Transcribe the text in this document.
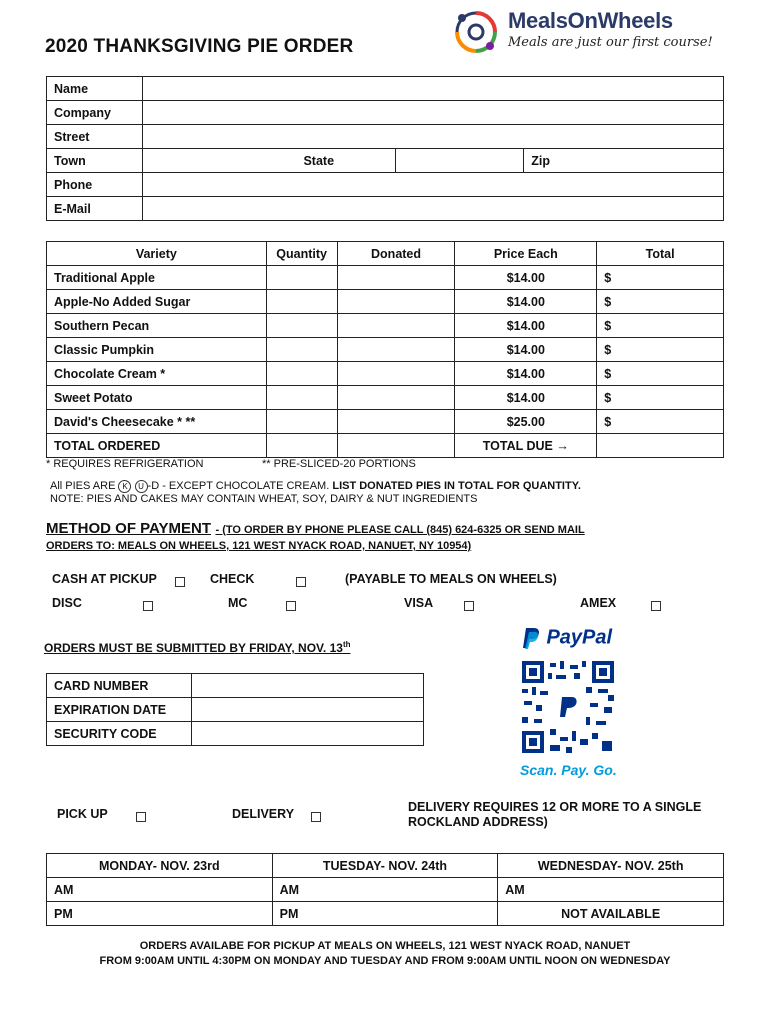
2020 THANKSGIVING PIE ORDER
MealsOnWheels
Meals are just our first course!
Name			
Company			
Street			
Town		State	Zip
Phone			
E-Mail			
Variety	Quantity	Donated	Price Each	Total
Traditional Apple			$14.00	$
Apple-No Added Sugar			$14.00	$
Southern Pecan			$14.00	$
Classic Pumpkin			$14.00	$
Chocolate Cream *			$14.00	$
Sweet Potato			$14.00	$
David's Cheesecake * **			$25.00	$
TOTAL ORDERED			TOTAL DUE →	
* REQUIRES REFRIGERATION	** PRE-SLICED-20 PORTIONS
All PIES ARE K U -D - EXCEPT CHOCOLATE CREAM. LIST DONATED PIES IN TOTAL FOR QUANTITY.
NOTE: PIES AND CAKES MAY CONTAIN WHEAT, SOY, DAIRY & NUT INGREDIENTS
METHOD OF PAYMENT - (TO ORDER BY PHONE PLEASE CALL (845) 624-6325 OR SEND MAIL
ORDERS TO: MEALS ON WHEELS, 121 WEST NYACK ROAD, NANUET, NY 10954)
CASH AT PICKUP	CHECK	(PAYABLE TO MEALS ON WHEELS)
DISC	MC	VISA	AMEX
ORDERS MUST BE SUBMITTED BY FRIDAY, NOV. 13th	PayPal
Scan. Pay. Go.
CARD NUMBER	
EXPIRATION DATE	
SECURITY CODE	
PICK UP	DELIVERY	DELIVERY REQUIRES 12 OR MORE TO A SINGLE
ROCKLAND ADDRESS)
MONDAY- NOV. 23rd	TUESDAY- NOV. 24th	WEDNESDAY- NOV. 25th
AM	AM	AM
PM	PM	NOT AVAILABLE
ORDERS AVAILABE FOR PICKUP AT MEALS ON WHEELS, 121 WEST NYACK ROAD, NANUET
FROM 9:00AM UNTIL 4:30PM ON MONDAY AND TUESDAY AND FROM 9:00AM UNTIL NOON ON WEDNESDAY
